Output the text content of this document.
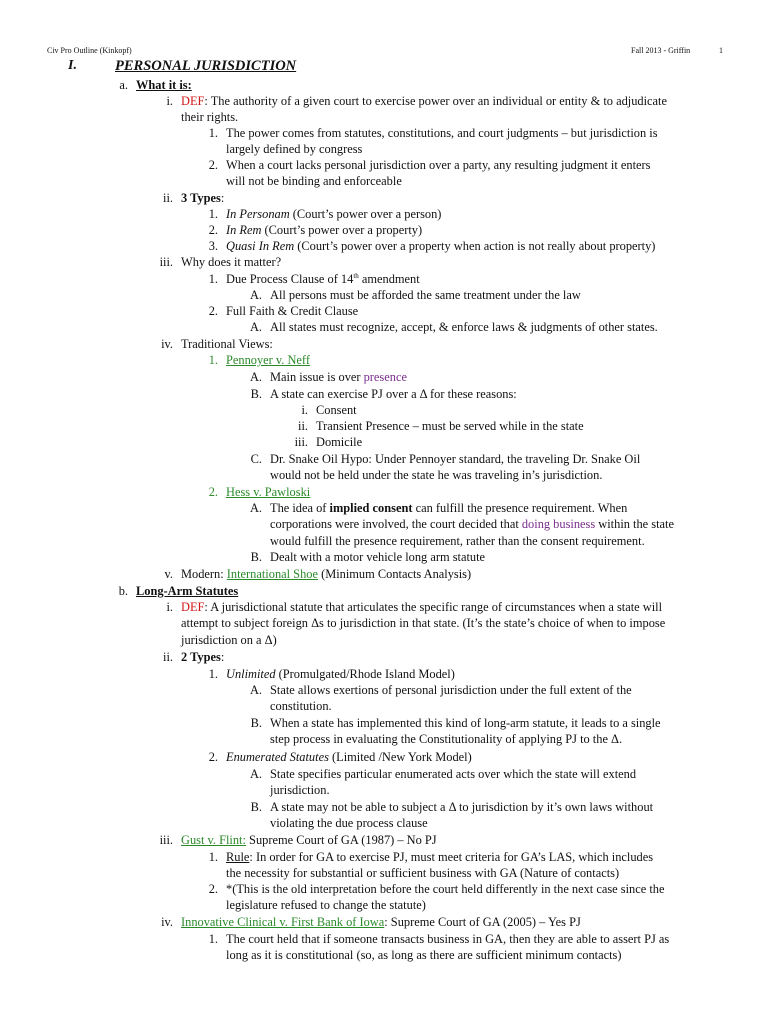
Civ Pro Outline (Kinkopf)	Fall 2013 - Griffin	1
I.	PERSONAL JURISDICTION
a. What it is:
i. DEF: The authority of a given court to exercise power over an individual or entity & to adjudicate
their rights.
1. The power comes from statutes, constitutions, and court judgments – but jurisdiction is
largely defined by congress
2. When a court lacks personal jurisdiction over a party, any resulting judgment it enters
will not be binding and enforceable
ii. 3 Types:
1. In Personam (Court’s power over a person)
2. In Rem (Court’s power over a property)
3. Quasi In Rem (Court’s power over a property when action is not really about property)
iii. Why does it matter?
1. Due Process Clause of 14th amendment
A. All persons must be afforded the same treatment under the law
2. Full Faith & Credit Clause
A. All states must recognize, accept, & enforce laws & judgments of other states.
iv. Traditional Views:
1. Pennoyer v. Neff
A. Main issue is over presence
B. A state can exercise PJ over a Δ for these reasons:
i. Consent
ii. Transient Presence – must be served while in the state
iii. Domicile
C. Dr. Snake Oil Hypo: Under Pennoyer standard, the traveling Dr. Snake Oil
would not be held under the state he was traveling in’s jurisdiction.
2. Hess v. Pawloski
A. The idea of implied consent can fulfill the presence requirement. When
corporations were involved, the court decided that doing business within the state
would fulfill the presence requirement, rather than the consent requirement.
B. Dealt with a motor vehicle long arm statute
v. Modern: International Shoe (Minimum Contacts Analysis)
b. Long-Arm Statutes
i. DEF: A jurisdictional statute that articulates the specific range of circumstances when a state will
attempt to subject foreign Δs to jurisdiction in that state. (It’s the state’s choice of when to impose
jurisdiction on a Δ)
ii. 2 Types:
1. Unlimited (Promulgated/Rhode Island Model)
A. State allows exertions of personal jurisdiction under the full extent of the
constitution.
B. When a state has implemented this kind of long-arm statute, it leads to a single
step process in evaluating the Constitutionality of applying PJ to the Δ.
2. Enumerated Statutes (Limited /New York Model)
A. State specifies particular enumerated acts over which the state will extend
jurisdiction.
B. A state may not be able to subject a Δ to jurisdiction by it’s own laws without
violating the due process clause
iii. Gust v. Flint: Supreme Court of GA (1987) – No PJ
1. Rule: In order for GA to exercise PJ, must meet criteria for GA’s LAS, which includes
the necessity for substantial or sufficient business with GA (Nature of contacts)
2. *(This is the old interpretation before the court held differently in the next case since the
legislature refused to change the statute)
iv. Innovative Clinical v. First Bank of Iowa: Supreme Court of GA (2005) – Yes PJ
1. The court held that if someone transacts business in GA, then they are able to assert PJ as
long as it is constitutional (so, as long as there are sufficient minimum contacts)
